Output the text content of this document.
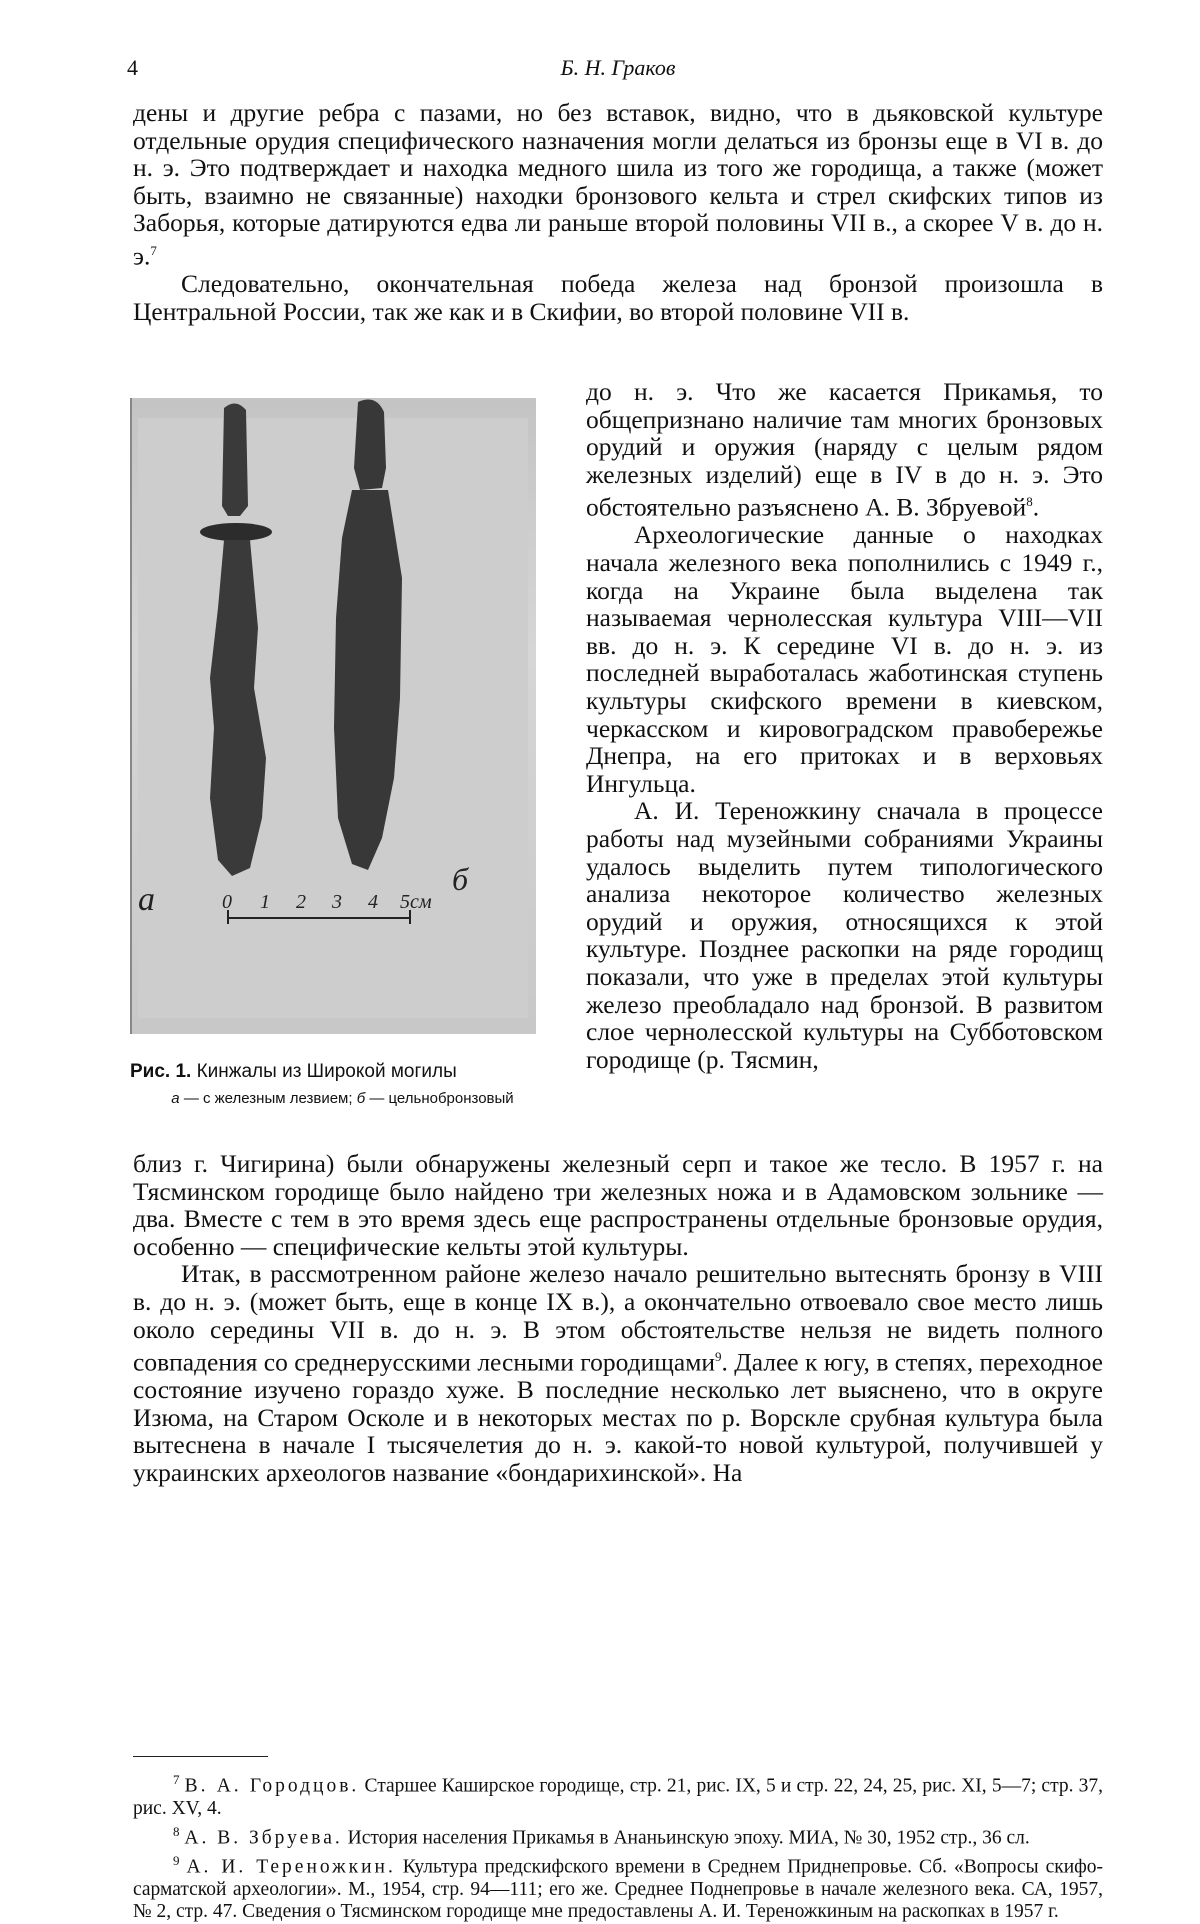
4	Б. Н. Граков

дены и другие ребра с пазами, но без вставок, видно, что в дьяковской культуре отдельные орудия специфического назначения могли делаться из бронзы еще в VI в. до н. э. Это подтверждает и находка медного шила из того же городища, а также (может быть, взаимно не связанные) находки бронзового кельта и стрел скифских типов из Заборья, которые датируются едва ли раньше второй половины VII в., а скорее V в. до н. э.$^7$

Следовательно, окончательная победа железа над бронзой произошла в Центральной России, так же как и в Скифии, во второй половине VII в.

а
б
0 1 2 3 4 5см
Рис. 1. Кинжалы из Широкой могилы
а — с железным лезвием; б — цельнобронзовый

до н. э. Что же касается Прикамья, то общепризнано наличие там многих бронзовых орудий и оружия (наряду с целым рядом железных изделий) еще в IV в до н. э. Это обстоятельно разъяснено А. В. Збруевой$^8$.

Археологические данные о находках начала железного века пополнились с 1949 г., когда на Украине была выделена так называемая чернолесская культура VIII—VII вв. до н. э. К середине VI в. до н. э. из последней выработалась жаботинская ступень культуры скифского времени в киевском, черкасском и кировоградском правобережье Днепра, на его притоках и в верховьях Ингульца.

А. И. Тереножкину сначала в процессе работы над музейными собраниями Украины удалось выделить путем типологического анализа некоторое количество железных орудий и оружия, относящихся к этой культуре. Позднее раскопки на ряде городищ показали, что уже в пределах этой культуры железо преобладало над бронзой. В развитом слое чернолесской культуры на Субботовском городище (р. Тясмин,

близ г. Чигирина) были обнаружены железный серп и такое же тесло. В 1957 г. на Тясминском городище было найдено три железных ножа и в Адамовском зольнике — два. Вместе с тем в это время здесь еще распространены отдельные бронзовые орудия, особенно — специфические кельты этой культуры.

Итак, в рассмотренном районе железо начало решительно вытеснять бронзу в VIII в. до н. э. (может быть, еще в конце IX в.), а окончательно отвоевало свое место лишь около середины VII в. до н. э. В этом обстоятельстве нельзя не видеть полного совпадения со среднерусскими лесными городищами$^9$. Далее к югу, в степях, переходное состояние изучено гораздо хуже. В последние несколько лет выяснено, что в округе Изюма, на Старом Осколе и в некоторых местах по р. Ворскле срубная культура была вытеснена в начале I тысячелетия до н. э. какой-то новой культурой, получившей у украинских археологов название «бондарихинской». На

$^7$ В. А. Городцов. Старшее Каширское городище, стр. 21, рис. IX, 5 и стр. 22, 24, 25, рис. XI, 5—7; стр. 37, рис. XV, 4.
$^8$ А. В. Збруева. История населения Прикамья в Ананьинскую эпоху. МИА, № 30, 1952 стр., 36 сл.
$^9$ А. И. Тереножкин. Культура предскифского времени в Среднем Приднепровье. Сб. «Вопросы скифо-сарматской археологии». М., 1954, стр. 94—111; его же. Среднее Поднепровье в начале железного века. СА, 1957, № 2, стр. 47. Сведения о Тясминском городище мне предоставлены А. И. Тереножкиным на раскопках в 1957 г.
